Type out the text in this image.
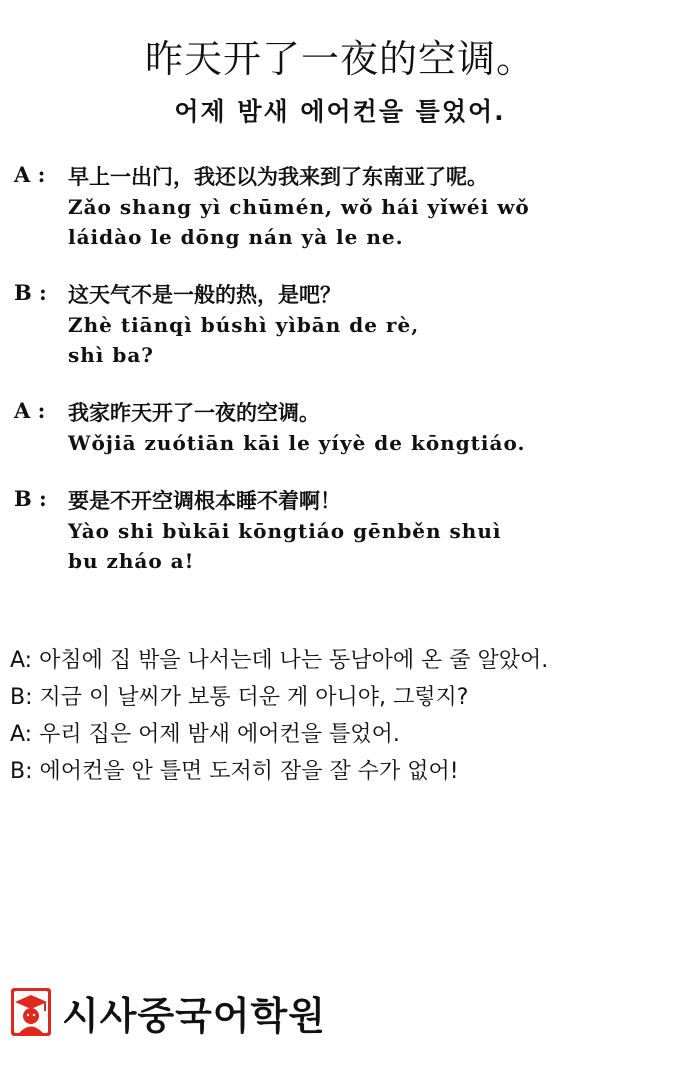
昨天开了一夜的空调。
어제 밤새 에어컨을 틀었어.
A : 早上一出门，我还以为我来到了东南亚了呢。
Zǎo shang yì chūmén, wǒ hái yǐwéi wǒ
láidào le dōng nán yà le ne.
B : 这天气不是一般的热，是吧？
Zhè tiānqì búshì yìbān de rè,
shì ba?
A : 我家昨天开了一夜的空调。
Wǒjiā zuótiān kāi le yíyè de kōngtiáo.
B : 要是不开空调根本睡不着啊！
Yào shi bùkāi kōngtiáo gēnběn shuì
bu zháo a!
A: 아침에 집 밖을 나서는데 나는 동남아에 온 줄 알았어.
B: 지금 이 날씨가 보통 더운 게 아니야, 그렇지?
A: 우리 집은 어제 밤새 에어컨을 틀었어.
B: 에어컨을 안 틀면 도저히 잠을 잘 수가 없어!
시사중국어학원
